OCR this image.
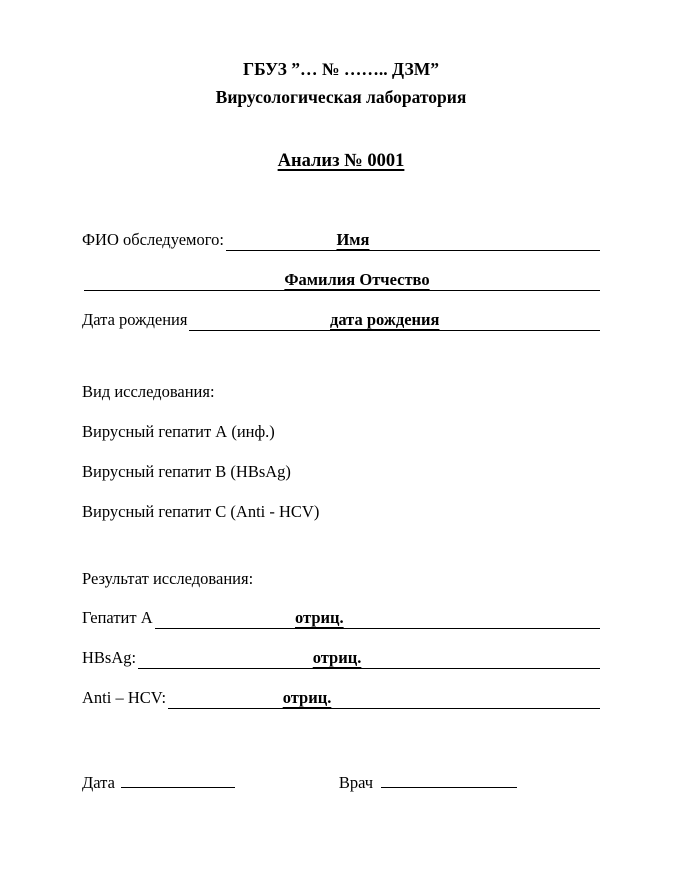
ГБУЗ ”… № …….. ДЗМ”
Вирусологическая лаборатория
Анализ № 0001
ФИО обследуемого:	Имя
Фамилия Отчество
Дата рождения	дата рождения
Вид исследования:
Вирусный гепатит А (инф.)
Вирусный гепатит В (HBsAg)
Вирусный гепатит С (Anti - HCV)
Результат исследования:
Гепатит А	отриц.
HBsAg:	отриц.
Anti – HCV:	отриц.
Дата	Врач
